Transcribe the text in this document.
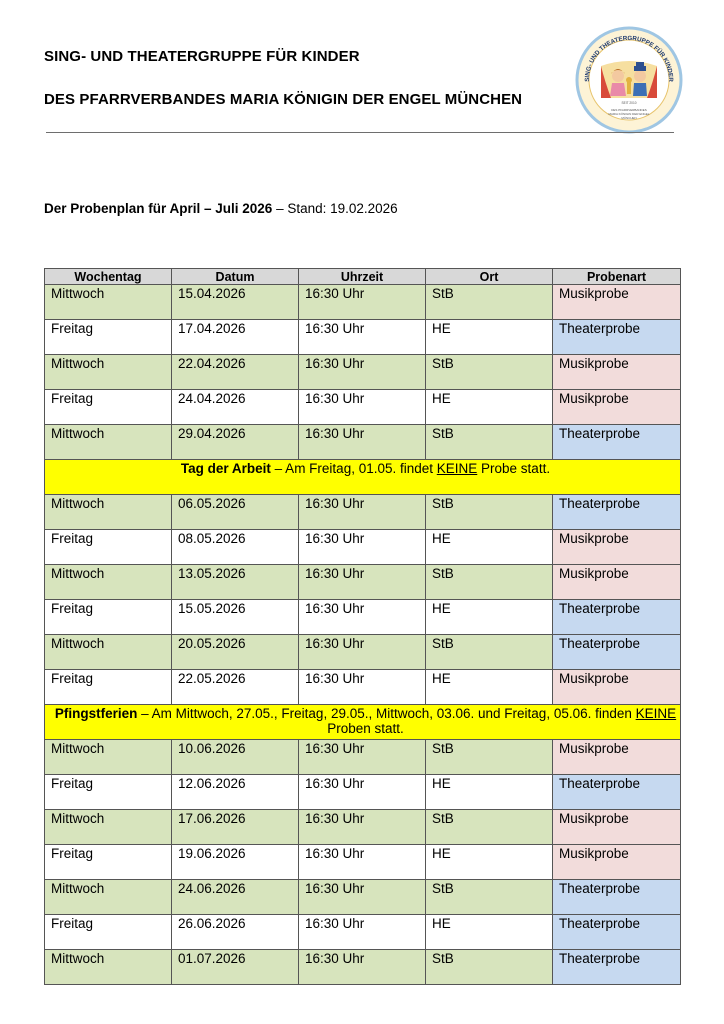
SING- UND THEATERGRUPPE FÜR KINDER
DES PFARRVERBANDES MARIA KÖNIGIN DER ENGEL MÜNCHEN
SING- UND THEATERGRUPPE FÜR KINDER
SEIT 2010
DES PFARRVERBANDES
MARIA KÖNIGIN DER ENGEL
MÜNCHEN
Der Probenplan für April – Juli 2026 – Stand: 19.02.2026
Wochentag	Datum	Uhrzeit	Ort	Probenart
Mittwoch	15.04.2026	16:30 Uhr	StB	Musikprobe
Freitag	17.04.2026	16:30 Uhr	HE	Theaterprobe
Mittwoch	22.04.2026	16:30 Uhr	StB	Musikprobe
Freitag	24.04.2026	16:30 Uhr	HE	Musikprobe
Mittwoch	29.04.2026	16:30 Uhr	StB	Theaterprobe
Tag der Arbeit – Am Freitag, 01.05. findet KEINE Probe statt.				
Mittwoch	06.05.2026	16:30 Uhr	StB	Theaterprobe
Freitag	08.05.2026	16:30 Uhr	HE	Musikprobe
Mittwoch	13.05.2026	16:30 Uhr	StB	Musikprobe
Freitag	15.05.2026	16:30 Uhr	HE	Theaterprobe
Mittwoch	20.05.2026	16:30 Uhr	StB	Theaterprobe
Freitag	22.05.2026	16:30 Uhr	HE	Musikprobe
Pfingstferien – Am Mittwoch, 27.05., Freitag, 29.05., Mittwoch, 03.06. und Freitag, 05.06. finden KEINE Proben statt.				
Mittwoch	10.06.2026	16:30 Uhr	StB	Musikprobe
Freitag	12.06.2026	16:30 Uhr	HE	Theaterprobe
Mittwoch	17.06.2026	16:30 Uhr	StB	Musikprobe
Freitag	19.06.2026	16:30 Uhr	HE	Musikprobe
Mittwoch	24.06.2026	16:30 Uhr	StB	Theaterprobe
Freitag	26.06.2026	16:30 Uhr	HE	Theaterprobe
Mittwoch	01.07.2026	16:30 Uhr	StB	Theaterprobe
